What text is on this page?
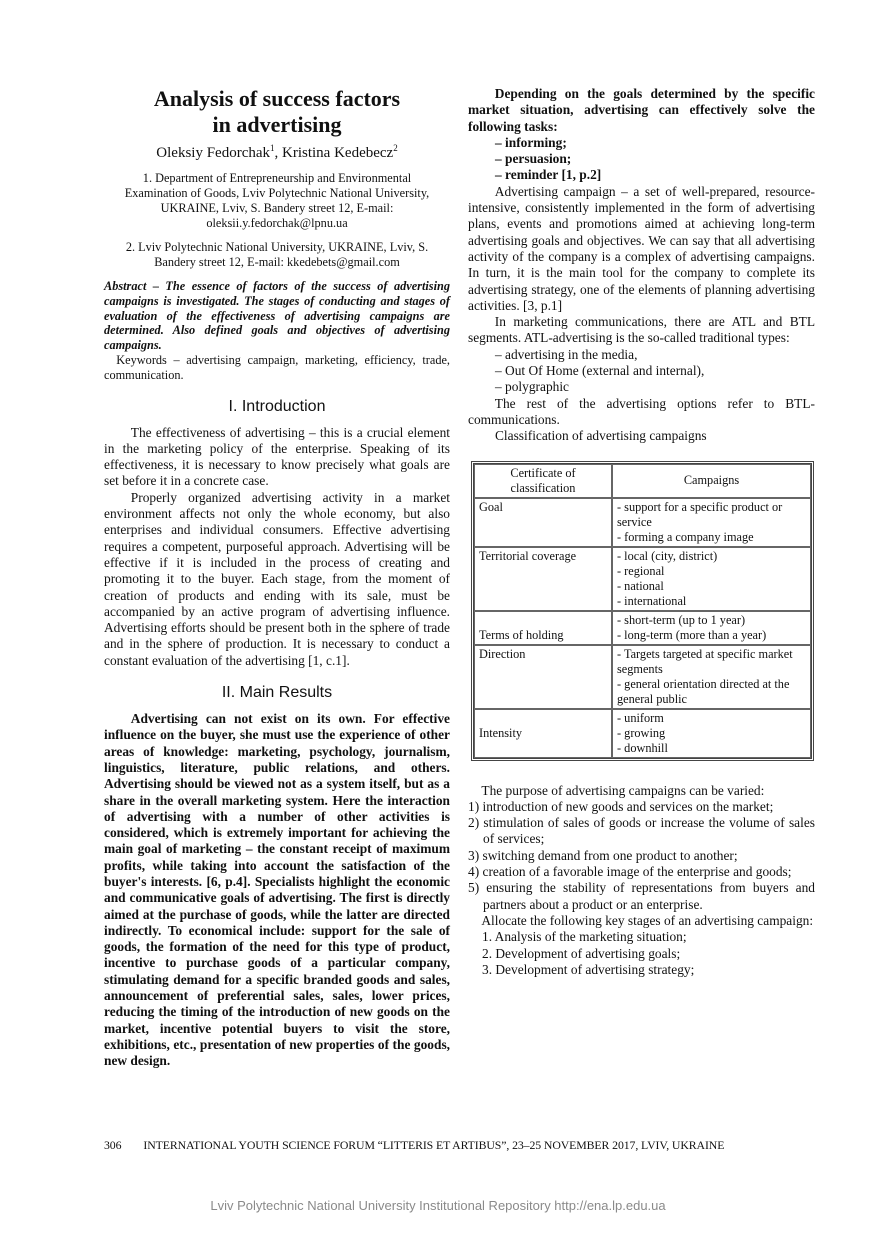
Analysis of success factors
in advertising
Oleksiy Fedorchak$^1$, Kristina Kedebecz$^2$

1. Department of Entrepreneurship and Environmental Examination of Goods, Lviv Polytechnic National University, UKRAINE, Lviv, S. Bandery street 12, E-mail: oleksii.y.fedorchak@lpnu.ua

2. Lviv Polytechnic National University, UKRAINE, Lviv, S. Bandery street 12, E-mail: kkedebets@gmail.com

Abstract – The essence of factors of the success of advertising campaigns is investigated. The stages of conducting and stages of evaluation of the effectiveness of advertising campaigns are determined. Also defined goals and objectives of advertising campaigns.

Keywords – advertising campaign, marketing, efficiency, trade, communication.

I. Introduction

The effectiveness of advertising – this is a crucial element in the marketing policy of the enterprise. Speaking of its effectiveness, it is necessary to know precisely what goals are set before it in a concrete case.

Properly organized advertising activity in a market environment affects not only the whole economy, but also enterprises and individual consumers. Effective advertising requires a competent, purposeful approach. Advertising will be effective if it is included in the process of creating and promoting it to the buyer. Each stage, from the moment of creation of products and ending with its sale, must be accompanied by an active program of advertising influence. Advertising efforts should be present both in the sphere of trade and in the sphere of production. It is necessary to conduct a constant evaluation of the advertising [1, c.1].

II. Main Results

Advertising can not exist on its own. For effective influence on the buyer, she must use the experience of other areas of knowledge: marketing, psychology, journalism, linguistics, literature, public relations, and others. Advertising should be viewed not as a system itself, but as a share in the overall marketing system. Here the interaction of advertising with a number of other activities is considered, which is extremely important for achieving the main goal of marketing – the constant receipt of maximum profits, while taking into account the satisfaction of the buyer's interests. [6, p.4]. Specialists highlight the economic and communicative goals of advertising. The first is directly aimed at the purchase of goods, while the latter are directed indirectly. To economical include: support for the sale of goods, the formation of the need for this type of product, incentive to purchase goods of a particular company, stimulating demand for a specific branded goods and sales, announcement of preferential sales, sales, lower prices, reducing the timing of the introduction of new goods on the market, incentive potential buyers to visit the store, exhibitions, etc., presentation of new properties of the goods, new design.

Depending on the goals determined by the specific market situation, advertising can effectively solve the following tasks:

– informing;

– persuasion;

– reminder [1, p.2]

Advertising campaign – a set of well-prepared, resource-intensive, consistently implemented in the form of advertising plans, events and promotions aimed at achieving long-term advertising goals and objectives. We can say that all advertising activity of the company is a complex of advertising campaigns. In turn, it is the main tool for the company to complete its advertising strategy, one of the elements of planning advertising activities. [3, p.1]

In marketing communications, there are ATL and BTL segments. ATL-advertising is the so-called traditional types:

– advertising in the media,

– Out Of Home (external and internal),

– polygraphic

The rest of the advertising options refer to BTL-communications.

Classification of advertising campaigns

Certificate of classification	Campaigns
Goal	- support for a specific product or service
- forming a company image

Territorial coverage	- local (city, district)
- regional
- national
- international

Terms of holding	- short-term (up to 1 year)
- long-term (more than a year)

Direction	- Targets targeted at specific market segments
- general orientation directed at the general public

Intensity	- uniform
- growing
- downhill

The purpose of advertising campaigns can be varied:

1) introduction of new goods and services on the market;

2) stimulation of sales of goods or increase the volume of sales of services;

3) switching demand from one product to another;

4) creation of a favorable image of the enterprise and goods;

5) ensuring the stability of representations from buyers and partners about a product or an enterprise.

Allocate the following key stages of an advertising campaign:

1. Analysis of the marketing situation;

2. Development of advertising goals;

3. Development of advertising strategy;

306 INTERNATIONAL YOUTH SCIENCE FORUM “LITTERIS ET ARTIBUS”, 23–25 NOVEMBER 2017, LVIV, UKRAINE
Lviv Polytechnic National University Institutional Repository http://ena.lp.edu.ua
